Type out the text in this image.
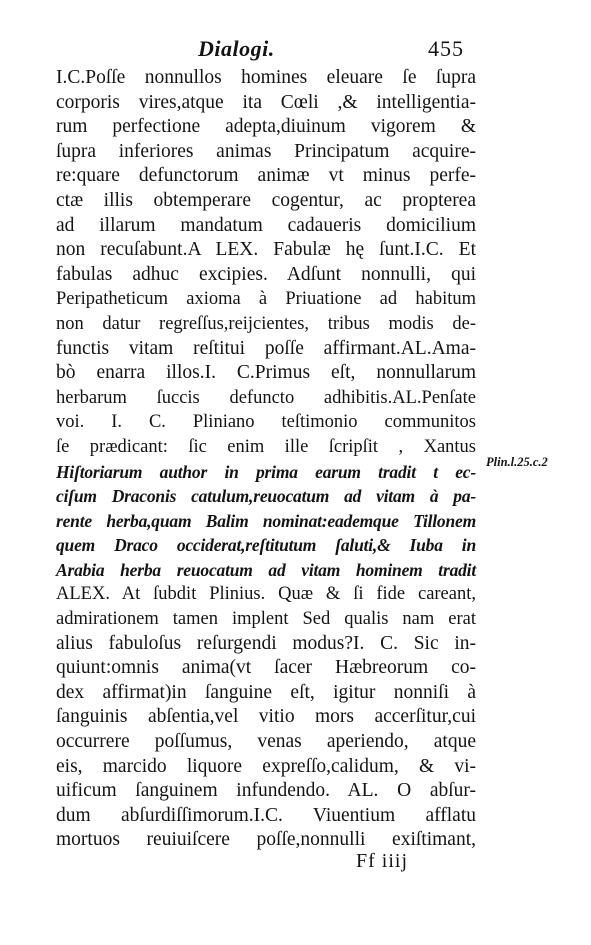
Dialogi.	455
I.C.Poſſe nonnullos homines eleuare ſe ſupra
corporis vires,atque ita Cœli ,& intelligentia-
rum perfectione adepta,diuinum vigorem &
ſupra inferiores animas Principatum acquire-
re:quare defunctorum animæ vt minus perfe-
ctæ illis obtemperare cogentur, ac propterea
ad illarum mandatum cadaueris domicilium
non recuſabunt.A LEX. Fabulæ hę ſunt.I.C. Et
fabulas adhuc excipies. Adſunt nonnulli, qui
Peripatheticum axioma à Priuatione ad habitum
non datur regreſſus,reijcientes, tribus modis de-
functis vitam reſtitui poſſe affirmant.AL.Ama-
bò enarra illos.I. C.Primus eſt, nonnullarum
herbarum ſuccis defuncto adhibitis.AL.Penſate
voi. I. C. Pliniano teſtimonio communitos
ſe prædicant: ſic enim ille ſcripſit , Xantus
Hiſtoriarum author in prima earum tradit t ec-
ciſum Draconis catulum,reuocatum ad vitam à pa-
rente herba,quam Balim nominat:eademque Tillonem
quem Draco occiderat,reſtitutum ſaluti,& Iuba in
Arabia herba reuocatum ad vitam hominem tradit
ALEX. At ſubdit Plinius. Quæ & ſi fide careant,
admirationem tamen implent Sed qualis nam erat
alius fabuloſus reſurgendi modus?I. C. Sic in-
quiunt:omnis anima(vt ſacer Hæbreorum co-
dex affirmat)in ſanguine eſt, igitur nonniſi à
ſanguinis abſentia,vel vitio mors accerſitur,cui
occurrere poſſumus, venas aperiendo, atque
eis, marcido liquore expreſſo,calidum, & vi-
uificum ſanguinem infundendo. AL. O abſur-
dum abſurdiſſimorum.I.C. Viuentium afflatu
mortuos reuiuiſcere poſſe,nonnulli exiſtimant,
Plin.l.25.c.2
Ff iiij
